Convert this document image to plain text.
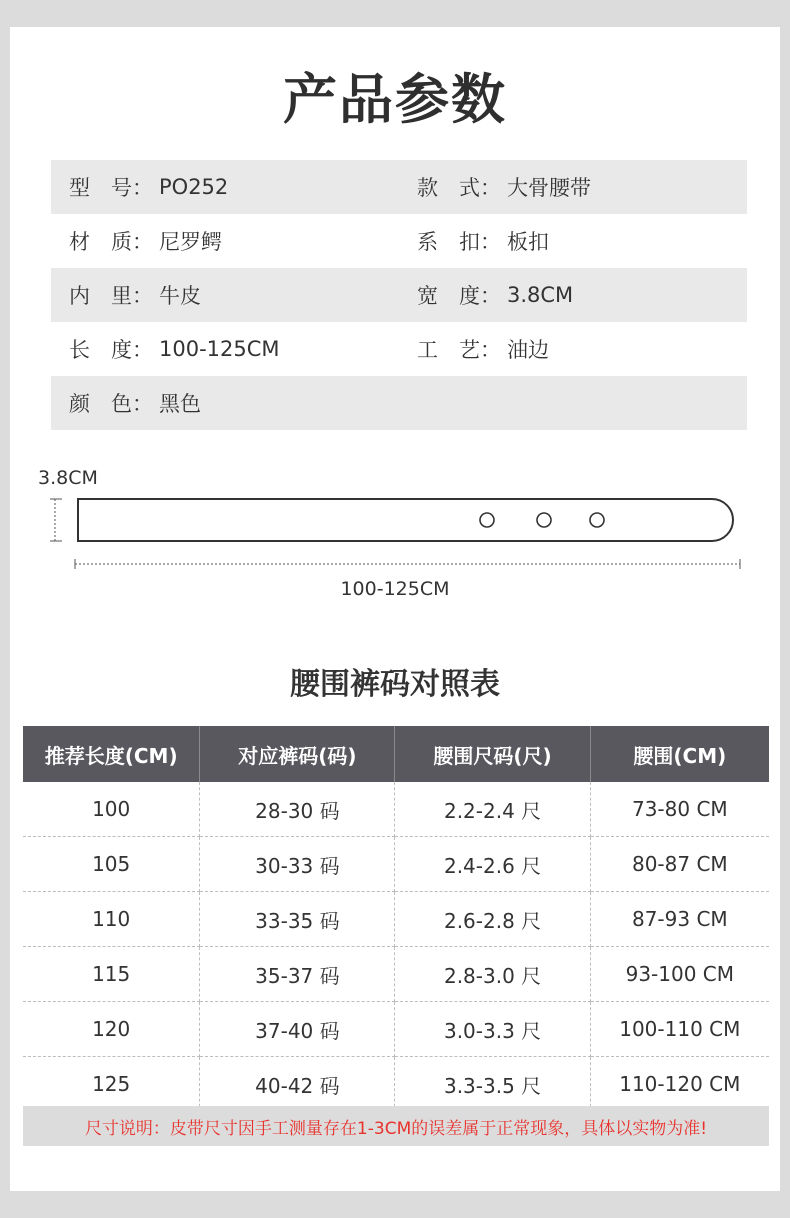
产品参数
型　号： PO252	款　式： 大骨腰带
材　质： 尼罗鳄	系　扣： 板扣
内　里： 牛皮	宽　度： 3.8CM
长　度： 100-125CM	工　艺： 油边
颜　色： 黑色
3.8CM
100-125CM
腰围裤码对照表
推荐长度(CM)	对应裤码(码)	腰围尺码(尺)	腰围(CM)
100	28-30 码	2.2-2.4 尺	73-80 CM
105	30-33 码	2.4-2.6 尺	80-87 CM
110	33-35 码	2.6-2.8 尺	87-93 CM
115	35-37 码	2.8-3.0 尺	93-100 CM
120	37-40 码	3.0-3.3 尺	100-110 CM
125	40-42 码	3.3-3.5 尺	110-120 CM
尺寸说明：皮带尺寸因手工测量存在1-3CM的误差属于正常现象，具体以实物为准!
